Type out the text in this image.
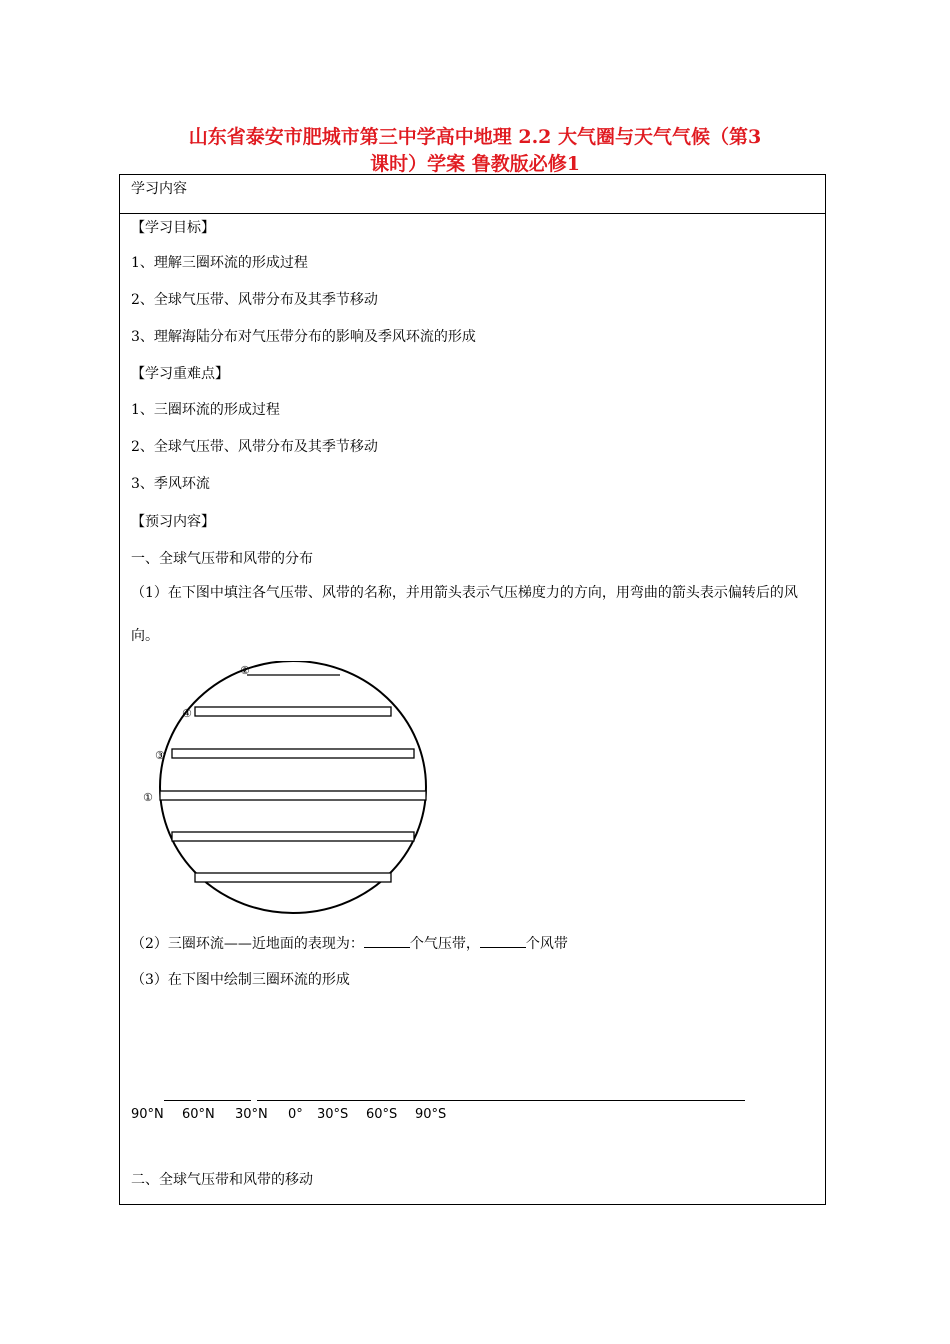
山东省泰安市肥城市第三中学高中地理 2.2 大气圈与天气气候（第3
课时）学案 鲁教版必修1
学习内容
【学习目标】
1、理解三圈环流的形成过程
2、全球气压带、风带分布及其季节移动
3、理解海陆分布对气压带分布的影响及季风环流的形成
【学习重难点】
1、三圈环流的形成过程
2、全球气压带、风带分布及其季节移动
3、季风环流
【预习内容】
一、全球气压带和风带的分布
（1）在下图中填注各气压带、风带的名称，并用箭头表示气压梯度力的方向，用弯曲的箭头表示偏转后的风向。
②
④
③
①
（2）三圈环流——近地面的表现为：	个气压带，	个风带
（3）在下图中绘制三圈环流的形成
90°N 60°N 30°N 0° 30°S 60°S 90°S
二、全球气压带和风带的移动
